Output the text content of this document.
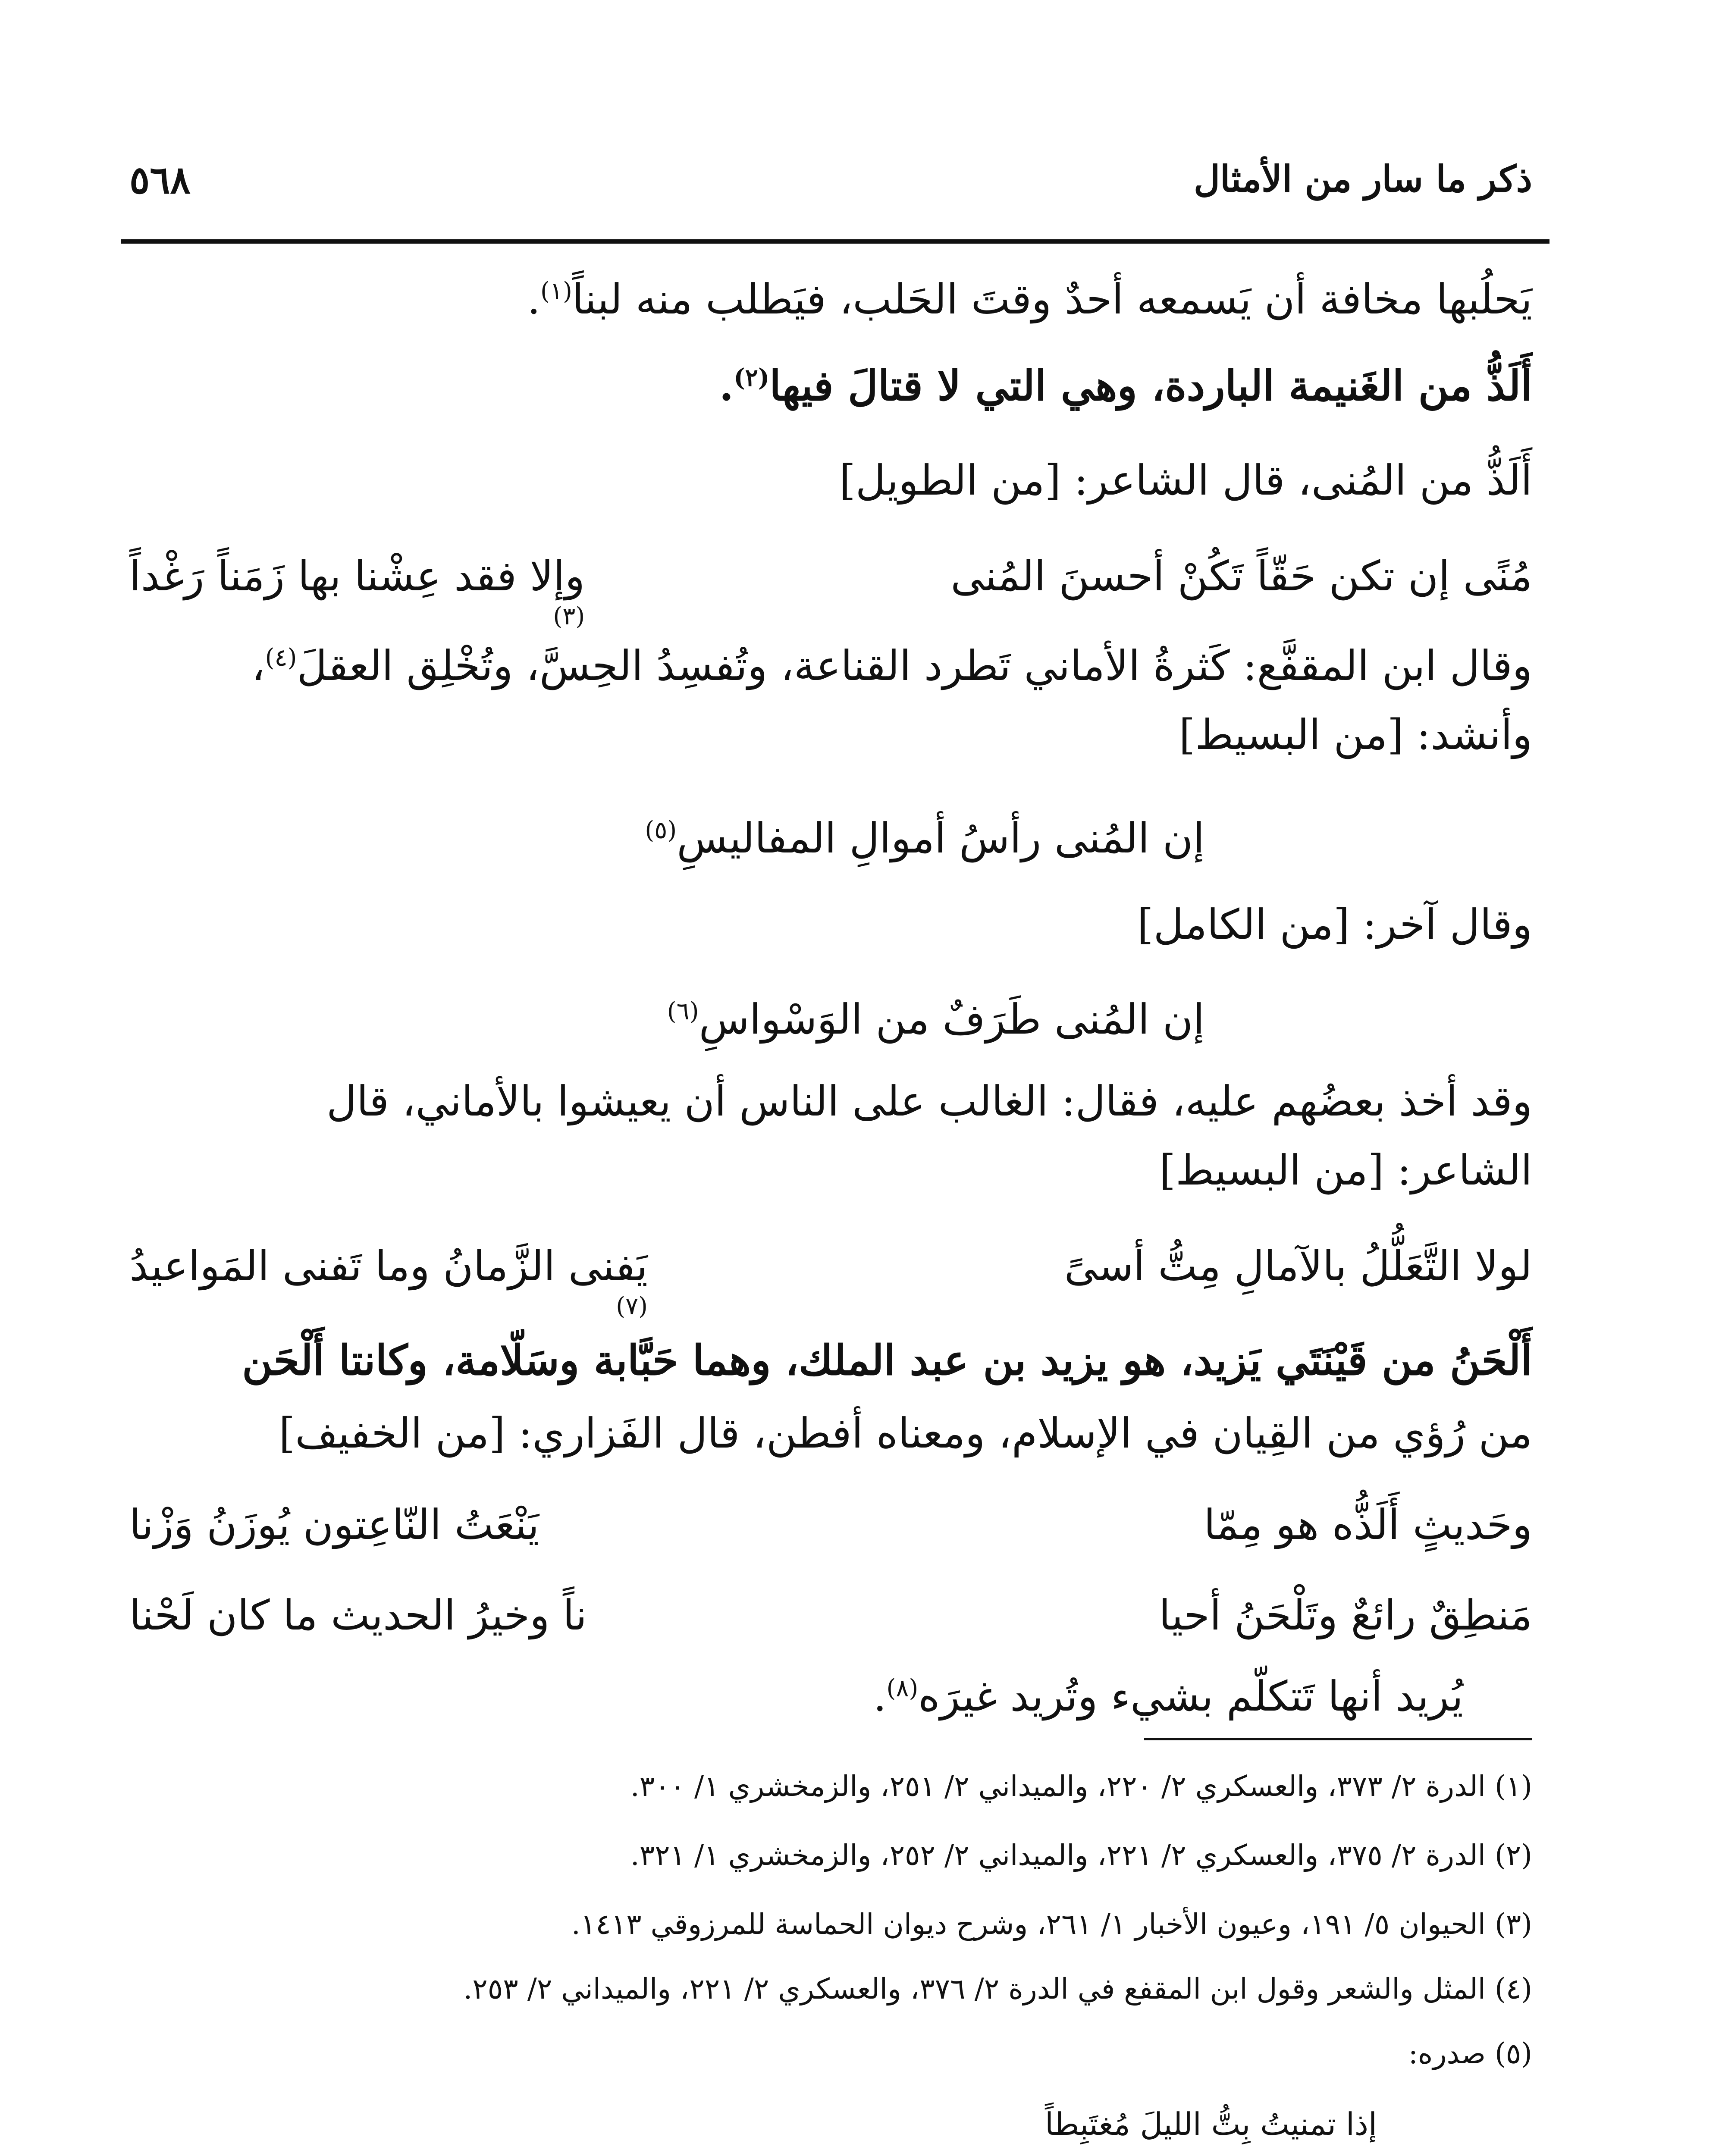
ذكر ما سار من الأمثال
٥٦٨

يَحلُبها مخافة أن يَسمعه أحدٌ وقتَ الحَلب، فيَطلب منه لبناً$^{(١)}$.

أَلَذُّ من الغَنيمة الباردة، وهي التي لا قتالَ فيها$^{(٢)}$.

أَلَذُّ من المُنى، قال الشاعر: [من الطويل]

مُنًى إن تكن حَقّاً تَكُنْ أحسنَ المُنى
وإلا فقد عِشْنا بها زَمَناً رَغْداً
$^{(٣)}$

وقال ابن المقفَّع: كَثرةُ الأماني تَطرد القناعة، وتُفسِدُ الحِسَّ، وتُخْلِق العقلَ$^{(٤)}$،

وأنشد: [من البسيط]

إن المُنى رأسُ أموالِ المفاليسِ$^{(٥)}$

وقال آخر: [من الكامل]

إن المُنى طَرَفٌ من الوَسْواسِ$^{(٦)}$

وقد أخذ بعضُهم عليه، فقال: الغالب على الناس أن يعيشوا بالأماني، قال

الشاعر: [من البسيط]

لولا التَّعَلُّلُ بالآمالِ مِتُّ أسىً
يَفنى الزَّمانُ وما تَفنى المَواعيدُ
$^{(٧)}$

أَلْحَنُ من قَيْنَتَي يَزيد، هو يزيد بن عبد الملك، وهما حَبَّابة وسَلّامة، وكانتا أَلْحَن

من رُؤي من القِيان في الإسلام، ومعناه أفطن، قال الفَزاري: [من الخفيف]

وحَديثٍ أَلَذُّه هو مِمّا
يَنْعَتُ النّاعِتون يُوزَنُ وَزْنا
مَنطِقٌ رائعٌ وتَلْحَنُ أحيا
ناً وخيرُ الحديث ما كان لَحْنا

يُريد أنها تَتكلّم بشيء وتُريد غيرَه$^{(٨)}$.

(١) الدرة ٢/ ٣٧٣، والعسكري ٢/ ٢٢٠، والميداني ٢/ ٢٥١، والزمخشري ١/ ٣٠٠.

(٢) الدرة ٢/ ٣٧٥، والعسكري ٢/ ٢٢١، والميداني ٢/ ٢٥٢، والزمخشري ١/ ٣٢١.

(٣) الحيوان ٥/ ١٩١، وعيون الأخبار ١/ ٢٦١، وشرح ديوان الحماسة للمرزوقي ١٤١٣.

(٤) المثل والشعر وقول ابن المقفع في الدرة ٢/ ٣٧٦، والعسكري ٢/ ٢٢١، والميداني ٢/ ٢٥٣.

(٥) صدره:

إذا تمنيتُ بِتُّ الليلَ مُغتَبِطاً
